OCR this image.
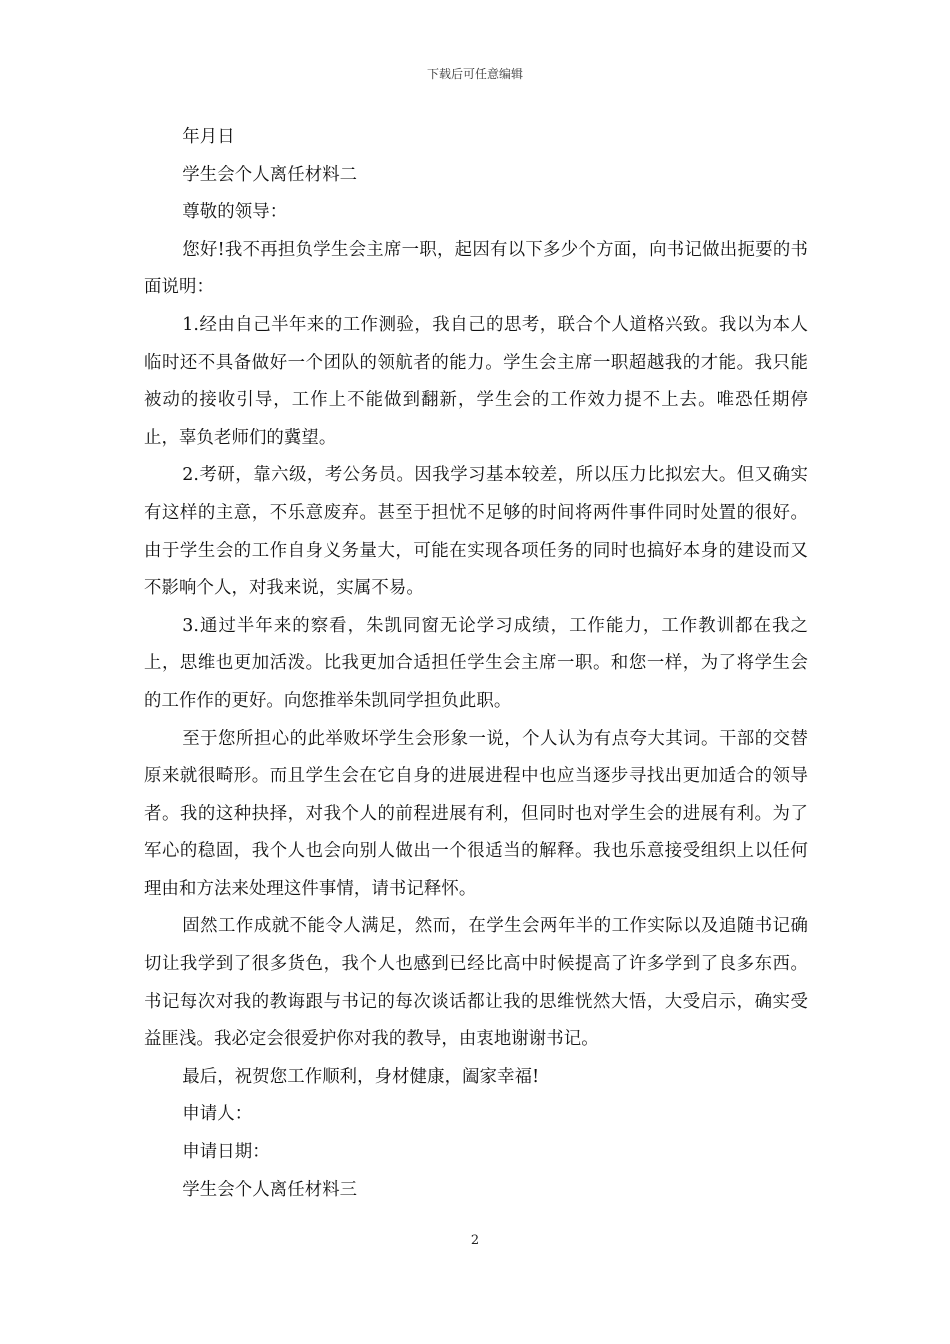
下载后可任意编辑

年月日

学生会个人离任材料二

尊敬的领导：

您好!我不再担负学生会主席一职，起因有以下多少个方面，向书记做出扼要的书面说明：

1.经由自己半年来的工作测验，我自己的思考，联合个人道格兴致。我以为本人临时还不具备做好一个团队的领航者的能力。学生会主席一职超越我的才能。我只能被动的接收引导，工作上不能做到翻新，学生会的工作效力提不上去。唯恐任期停止，辜负老师们的冀望。

2.考研，靠六级，考公务员。因我学习基本较差，所以压力比拟宏大。但又确实有这样的主意，不乐意废弃。甚至于担忧不足够的时间将两件事件同时处置的很好。由于学生会的工作自身义务量大，可能在实现各项任务的同时也搞好本身的建设而又不影响个人，对我来说，实属不易。

3.通过半年来的察看，朱凯同窗无论学习成绩，工作能力，工作教训都在我之上，思维也更加活泼。比我更加合适担任学生会主席一职。和您一样，为了将学生会的工作作的更好。向您推举朱凯同学担负此职。

至于您所担心的此举败坏学生会形象一说，个人认为有点夸大其词。干部的交替原来就很畸形。而且学生会在它自身的进展进程中也应当逐步寻找出更加适合的领导者。我的这种抉择，对我个人的前程进展有利，但同时也对学生会的进展有利。为了军心的稳固，我个人也会向别人做出一个很适当的解释。我也乐意接受组织上以任何理由和方法来处理这件事情，请书记释怀。

固然工作成就不能令人满足，然而，在学生会两年半的工作实际以及追随书记确切让我学到了很多货色，我个人也感到已经比高中时候提高了许多学到了良多东西。书记每次对我的教诲跟与书记的每次谈话都让我的思维恍然大悟，大受启示，确实受益匪浅。我必定会很爱护你对我的教导，由衷地谢谢书记。

最后，祝贺您工作顺利，身材健康，阖家幸福!

申请人：

申请日期：

学生会个人离任材料三

2
